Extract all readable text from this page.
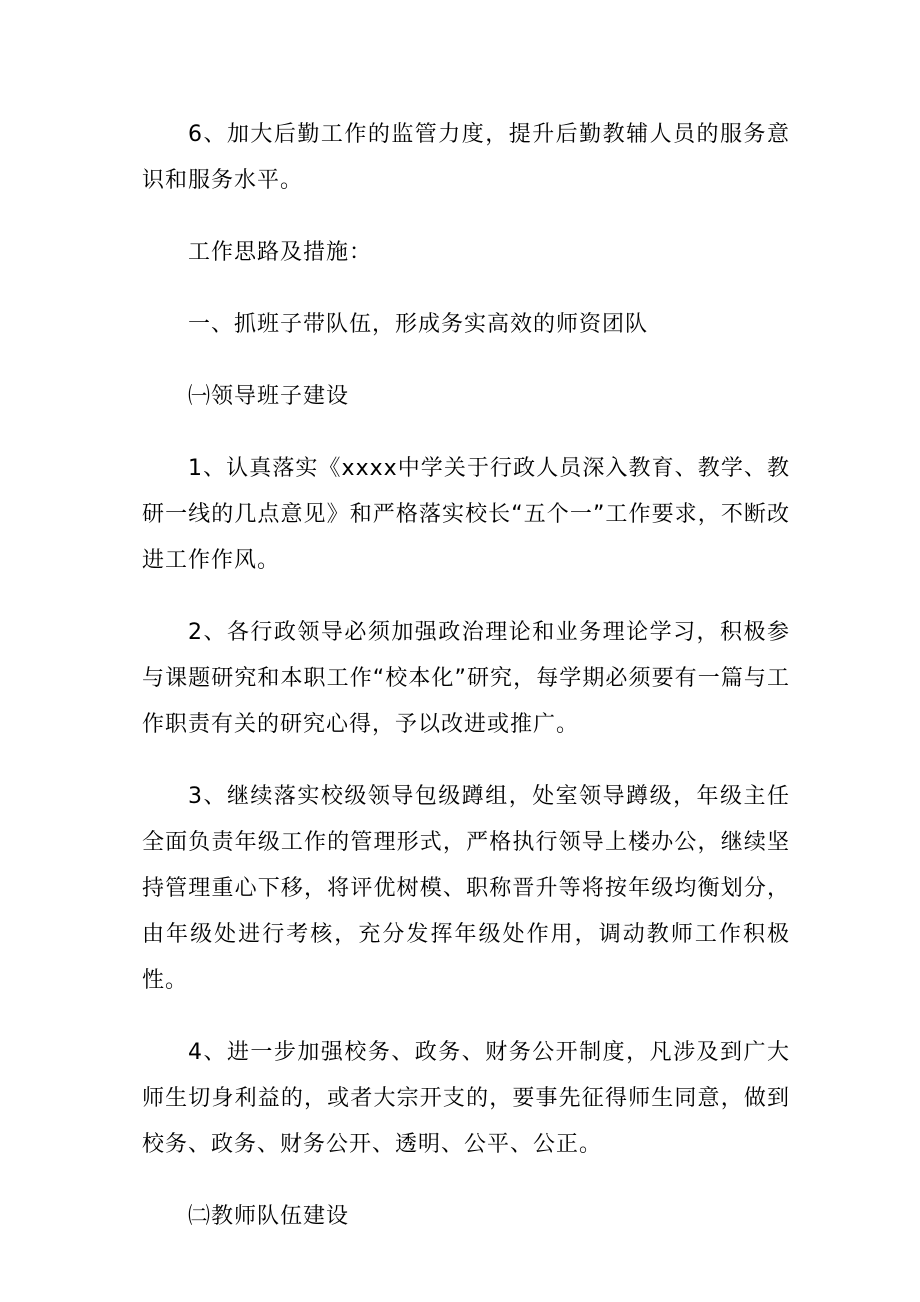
6、加大后勤工作的监管力度，提升后勤教辅人员的服务意识和服务水平。

工作思路及措施：

一、抓班子带队伍，形成务实高效的师资团队

㈠领导班子建设

1、认真落实《xxxx中学关于行政人员深入教育、教学、教研一线的几点意见》和严格落实校长“五个一”工作要求，不断改进工作作风。

2、各行政领导必须加强政治理论和业务理论学习，积极参与课题研究和本职工作“校本化”研究，每学期必须要有一篇与工作职责有关的研究心得，予以改进或推广。

3、继续落实校级领导包级蹲组，处室领导蹲级，年级主任全面负责年级工作的管理形式，严格执行领导上楼办公，继续坚持管理重心下移，将评优树模、职称晋升等将按年级均衡划分，由年级处进行考核，充分发挥年级处作用，调动教师工作积极性。

4、进一步加强校务、政务、财务公开制度，凡涉及到广大师生切身利益的，或者大宗开支的，要事先征得师生同意，做到校务、政务、财务公开、透明、公平、公正。

㈡教师队伍建设
